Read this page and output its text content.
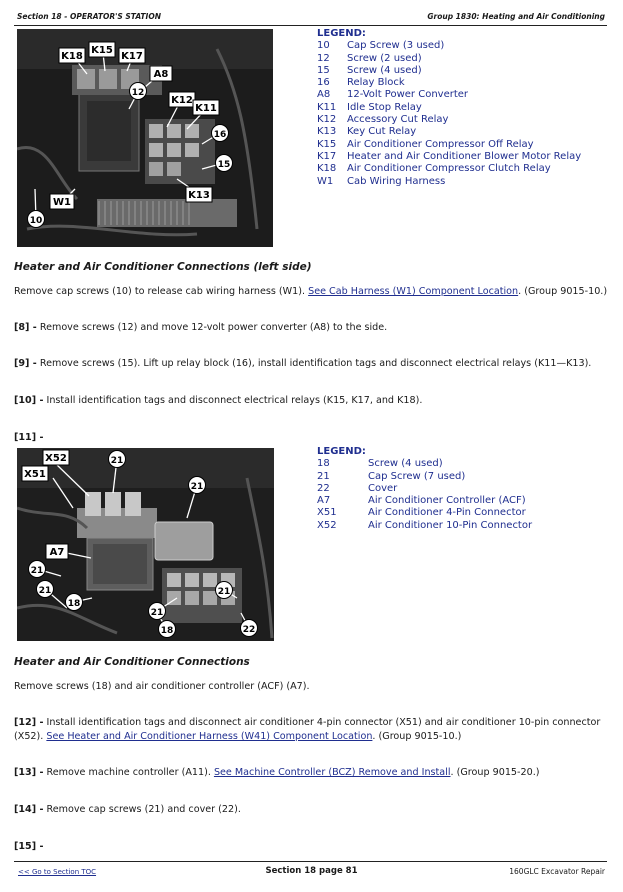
Section 18 - OPERATOR'S STATION	Group 1830: Heating and Air Conditioning
K18
K15
K17
A8
12
K12
K11
16
15
K13
W1
10
LEGEND:
10	Cap Screw (3 used)
12	Screw (2 used)
15	Screw (4 used)
16	Relay Block
A8	12-Volt Power Converter
K11	Idle Stop Relay
K12	Accessory Cut Relay
K13	Key Cut Relay
K15	Air Conditioner Compressor Off Relay
K17	Heater and Air Conditioner Blower Motor Relay
K18	Air Conditioner Compressor Clutch Relay
W1	Cab Wiring Harness
Heater and Air Conditioner Connections (left side)
Remove cap screws (10) to release cab wiring harness (W1). See Cab Harness (W1) Component Location. (Group 9015-10.)
[8] - Remove screws (12) and move 12-volt power converter (A8) to the side.
[9] - Remove screws (15). Lift up relay block (16), install identification tags and disconnect electrical relays (K11—K13).
[10] - Install identification tags and disconnect electrical relays (K15, K17, and K18).
[11] -
X52	21
X51
21
A7
21
21
18
21
21
18	22
LEGEND:
18	Screw (4 used)
21	Cap Screw (7 used)
22	Cover
A7	Air Conditioner Controller (ACF)
X51	Air Conditioner 4-Pin Connector
X52	Air Conditioner 10-Pin Connector
Heater and Air Conditioner Connections
Remove screws (18) and air conditioner controller (ACF) (A7).
[12] - Install identification tags and disconnect air conditioner 4-pin connector (X51) and air conditioner 10-pin connector (X52). See Heater and Air Conditioner Harness (W41) Component Location. (Group 9015-10.)
[13] - Remove machine controller (A11). See Machine Controller (BCZ) Remove and Install. (Group 9015-20.)
[14] - Remove cap screws (21) and cover (22).
[15] -
<< Go to Section TOC	Section 18 page 81	160GLC Excavator Repair
